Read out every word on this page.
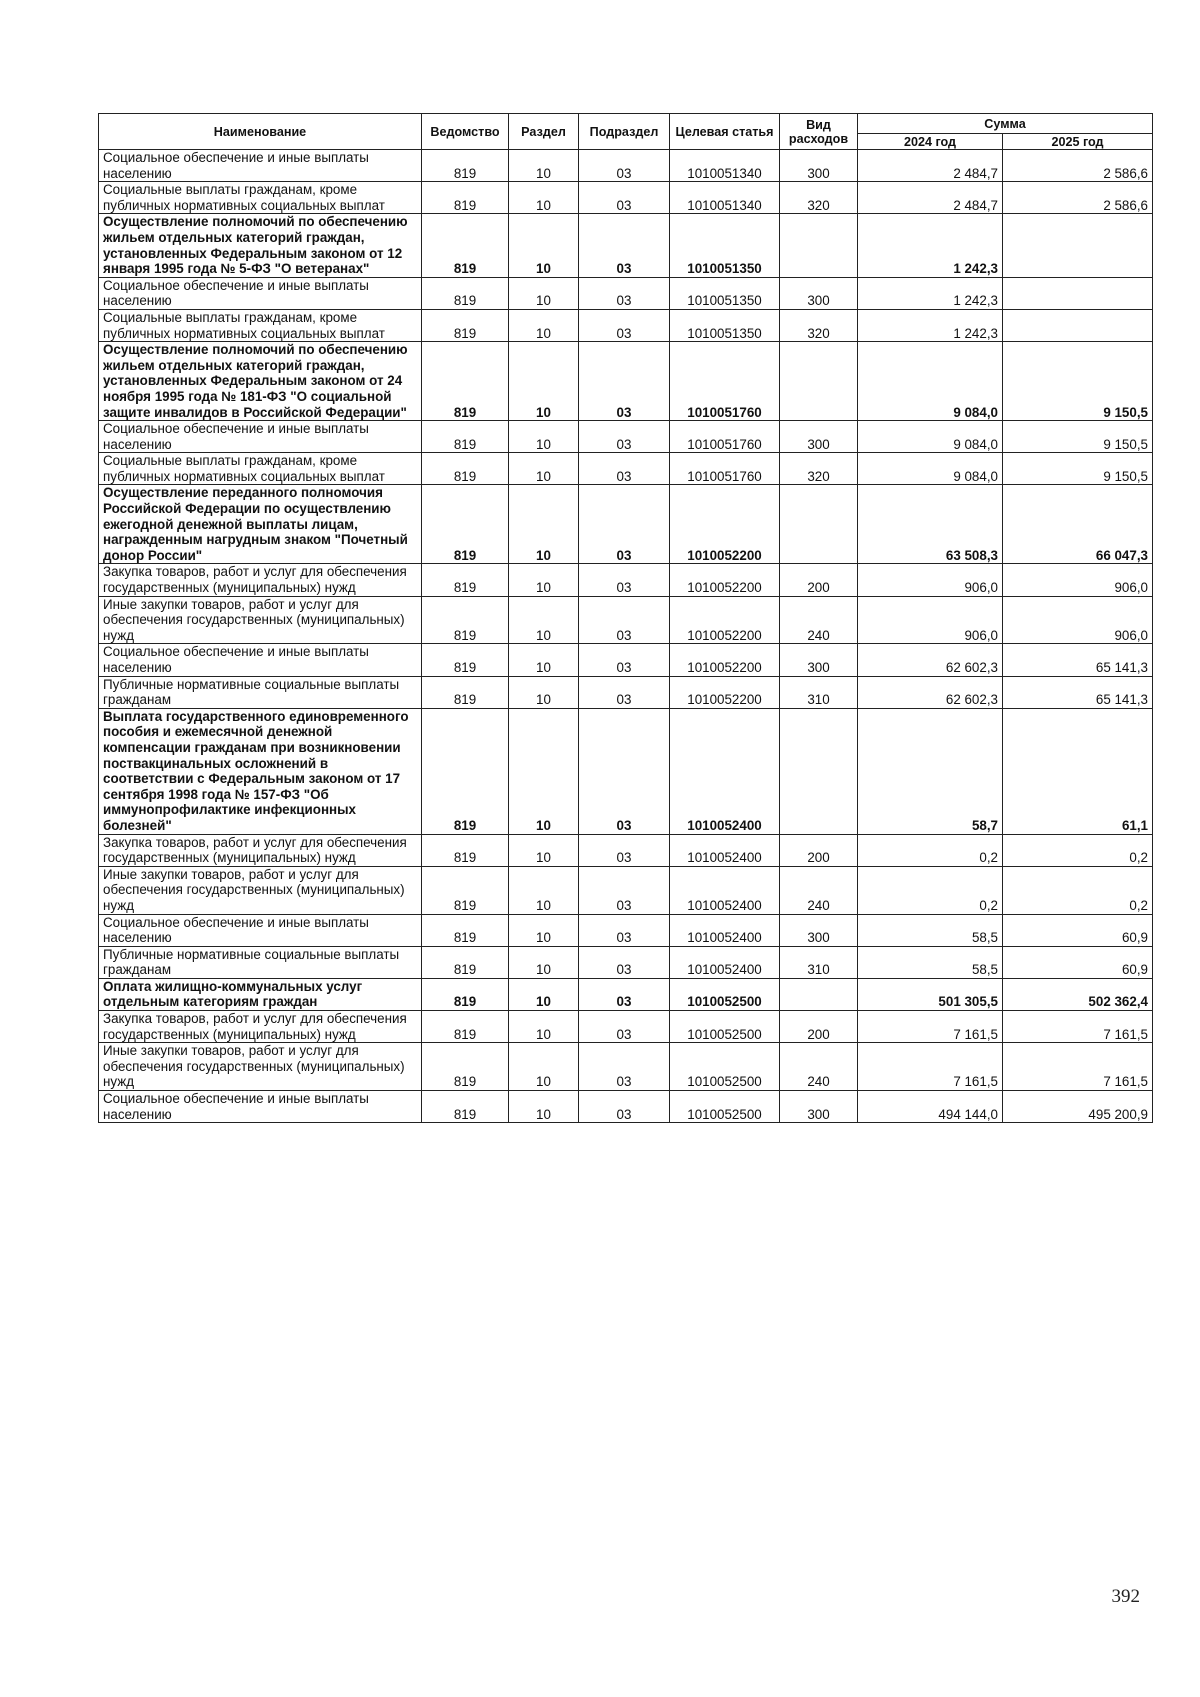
Наименование	Ведомство	Раздел	Подраздел	Целевая статья	Вид расходов	Сумма	
						2024 год	2025 год
Социальное обеспечение и иные выплаты населению	819	10	03	1010051340	300	2 484,7	2 586,6
Социальные выплаты гражданам, кроме публичных нормативных социальных выплат	819	10	03	1010051340	320	2 484,7	2 586,6
Осуществление полномочий по обеспечению жильем отдельных категорий граждан, установленных Федеральным законом от 12 января 1995 года № 5-ФЗ "О ветеранах"	819	10	03	1010051350		1 242,3	
Социальное обеспечение и иные выплаты населению	819	10	03	1010051350	300	1 242,3	
Социальные выплаты гражданам, кроме публичных нормативных социальных выплат	819	10	03	1010051350	320	1 242,3	
Осуществление полномочий по обеспечению жильем отдельных категорий граждан, установленных Федеральным законом от 24 ноября 1995 года № 181-ФЗ "О социальной защите инвалидов в Российской Федерации"	819	10	03	1010051760		9 084,0	9 150,5
Социальное обеспечение и иные выплаты населению	819	10	03	1010051760	300	9 084,0	9 150,5
Социальные выплаты гражданам, кроме публичных нормативных социальных выплат	819	10	03	1010051760	320	9 084,0	9 150,5
Осуществление переданного полномочия Российской Федерации по осуществлению ежегодной денежной выплаты лицам, награжденным нагрудным знаком "Почетный донор России"	819	10	03	1010052200		63 508,3	66 047,3
Закупка товаров, работ и услуг для обеспечения государственных (муниципальных) нужд	819	10	03	1010052200	200	906,0	906,0
Иные закупки товаров, работ и услуг для обеспечения государственных (муниципальных) нужд	819	10	03	1010052200	240	906,0	906,0
Социальное обеспечение и иные выплаты населению	819	10	03	1010052200	300	62 602,3	65 141,3
Публичные нормативные социальные выплаты гражданам	819	10	03	1010052200	310	62 602,3	65 141,3
Выплата государственного единовременного пособия и ежемесячной денежной компенсации гражданам при возникновении поствакцинальных осложнений в соответствии с Федеральным законом от 17 сентября 1998 года № 157-ФЗ "Об иммунопрофилактике инфекционных болезней"	819	10	03	1010052400		58,7	61,1
Закупка товаров, работ и услуг для обеспечения государственных (муниципальных) нужд	819	10	03	1010052400	200	0,2	0,2
Иные закупки товаров, работ и услуг для обеспечения государственных (муниципальных) нужд	819	10	03	1010052400	240	0,2	0,2
Социальное обеспечение и иные выплаты населению	819	10	03	1010052400	300	58,5	60,9
Публичные нормативные социальные выплаты гражданам	819	10	03	1010052400	310	58,5	60,9
Оплата жилищно-коммунальных услуг отдельным категориям граждан	819	10	03	1010052500		501 305,5	502 362,4
Закупка товаров, работ и услуг для обеспечения государственных (муниципальных) нужд	819	10	03	1010052500	200	7 161,5	7 161,5
Иные закупки товаров, работ и услуг для обеспечения государственных (муниципальных) нужд	819	10	03	1010052500	240	7 161,5	7 161,5
Социальное обеспечение и иные выплаты населению	819	10	03	1010052500	300	494 144,0	495 200,9
392
